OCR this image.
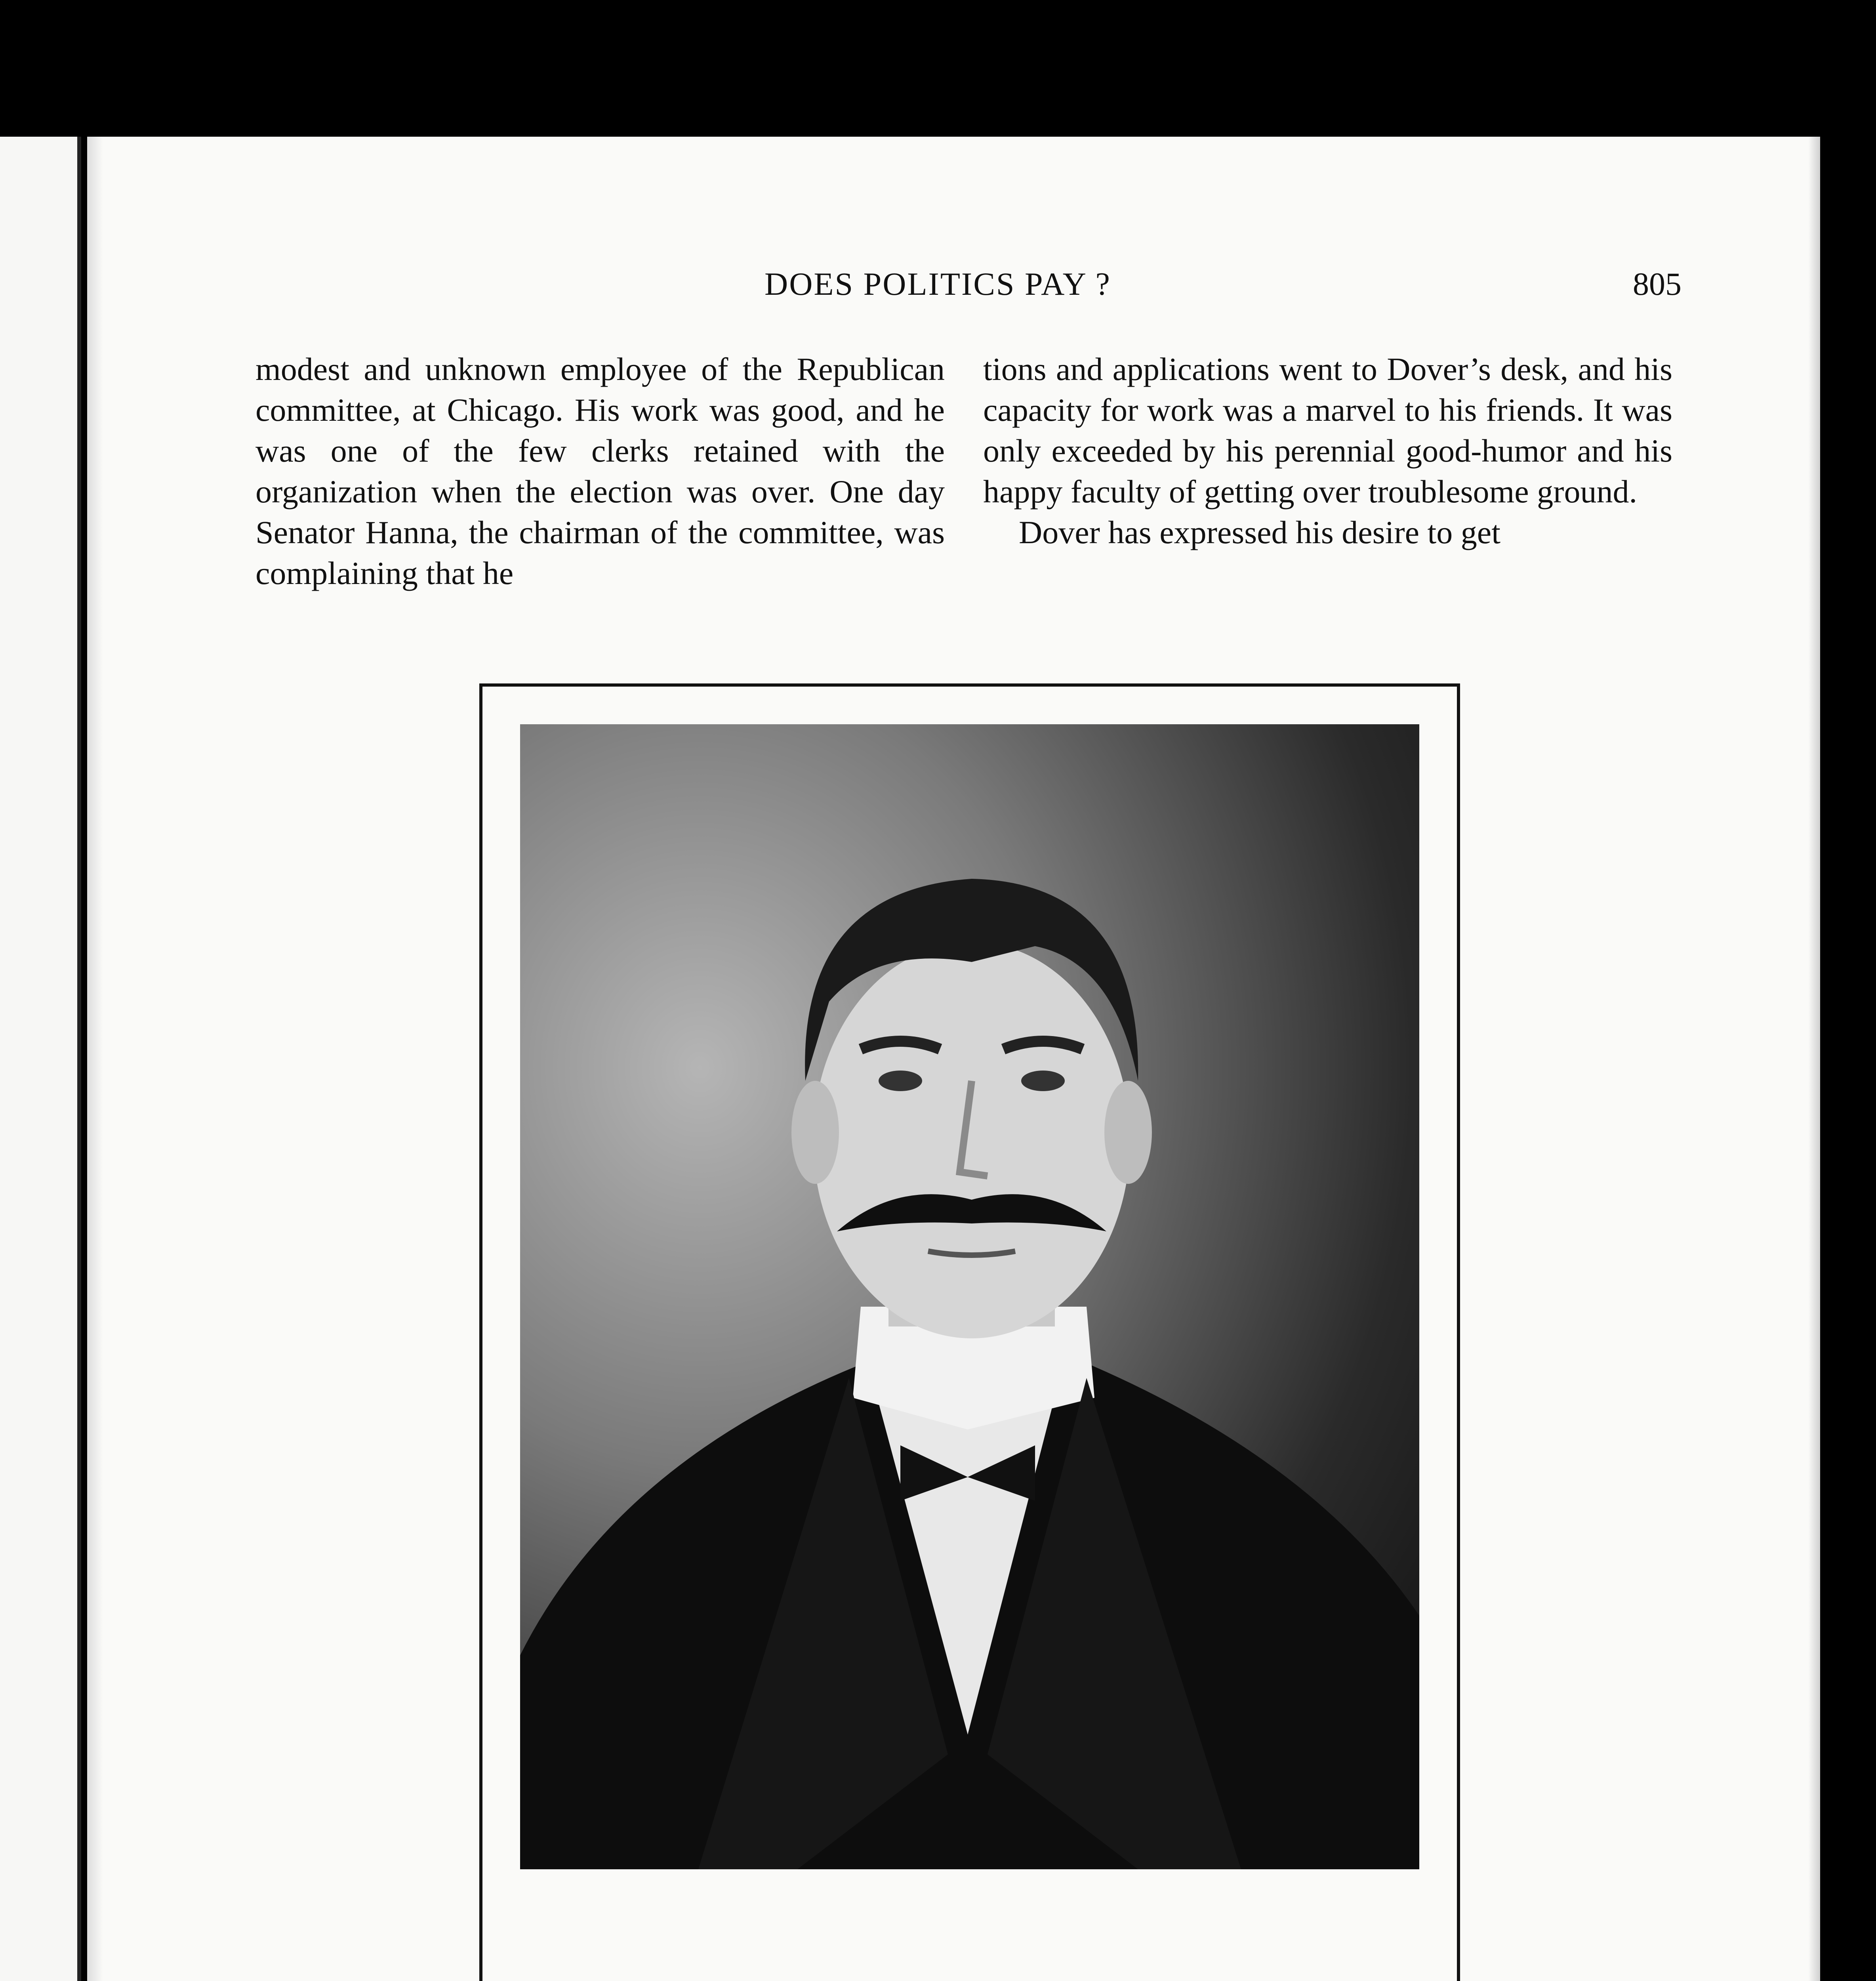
DOES POLITICS PAY ?	805

modest and unknown employee of the Republican committee, at Chicago. His work was good, and he was one of the few clerks retained with the organization when the election was over. One day Senator Hanna, the chairman of the committee, was complaining that he

tions and applications went to Dover’s desk, and his capacity for work was a marvel to his friends. It was only exceeded by his perennial good-humor and his happy faculty of getting over troublesome ground.

Dover has expressed his desire to get
